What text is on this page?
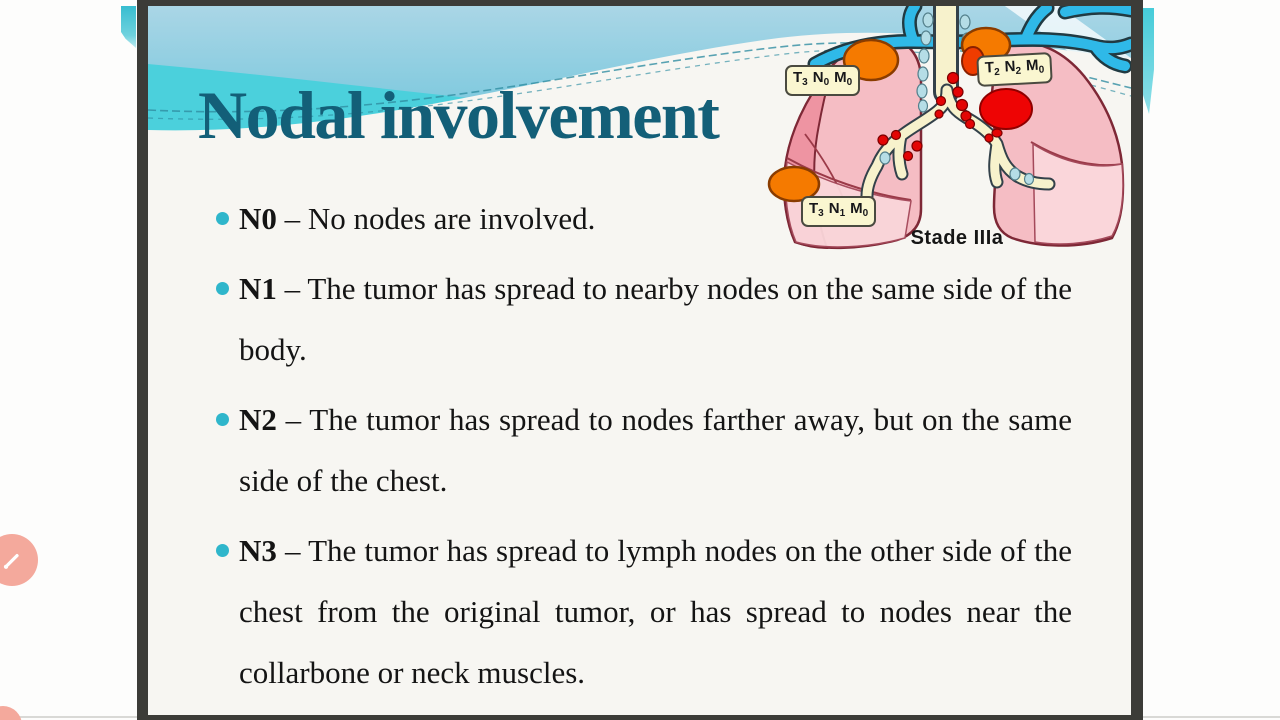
Nodal involvement	$T_3$ $N_0$ $M_0$
$T_2$ $N_2$ $M_0$
$T_3$ $N_1$ $M_0$
Stade IIIa
N0 – No nodes are involved.
N1 – The tumor has spread to nearby nodes on the same side of the body.
N2 – The tumor has spread to nodes farther away, but on the same side of the chest.
N3 – The tumor has spread to lymph nodes on the other side of the chest from the original tumor, or has spread to nodes near the collarbone or neck muscles.
